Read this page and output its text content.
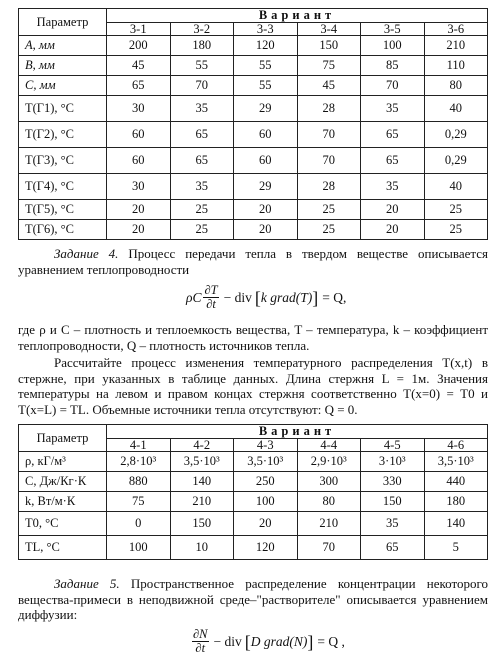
Параметр	Вариант					
	3-1	3-2	3-3	3-4	3-5	3-6
A, мм	200	180	120	150	100	210
B, мм	45	55	55	75	85	110
C, мм	65	70	55	45	70	80
T(Γ1), °C	30	35	29	28	35	40
T(Γ2), °C	60	65	60	70	65	0,29
T(Γ3), °C	60	65	60	70	65	0,29
T(Γ4), °C	30	35	29	28	35	40
T(Γ5), °C	20	25	20	25	20	25
T(Γ6), °C	20	25	20	25	20	25

Задание 4. Процесс передачи тепла в твердом веществе описывается уравнением теплопроводности

ρC $\frac{\partial T}{\partial t}$ − div [ k grad(T) ] = Q,

где ρ и C – плотность и теплоемкость вещества, T – температура, k – коэффициент теплопроводности, Q – плотность источников тепла.

Рассчитайте процесс изменения температурного распределения T(x,t) в стержне, при указанных в таблице данных. Длина стержня L = 1м. Значения температуры на левом и правом концах стержня соответственно T(x=0) = T0 и T(x=L) = TL. Объемные источники тепла отсутствуют: Q = 0.

Параметр	Вариант					
	4-1	4-2	4-3	4-4	4-5	4-6
ρ, кГ/м³	2,8·10³	3,5·10³	3,5·10³	2,9·10³	3·10³	3,5·10³
C, Дж/Кг·К	880	140	250	300	330	440
k, Вт/м·К	75	210	100	80	150	180
T0, °C	0	150	20	210	35	140
TL, °C	100	10	120	70	65	5

Задание 5. Пространственное распределение концентрации некоторого вещества-примеси в неподвижной среде–"растворителе" описывается уравнением диффузии:

$\frac{\partial N}{\partial t}$ − div [ D grad(N) ] = Q ,
